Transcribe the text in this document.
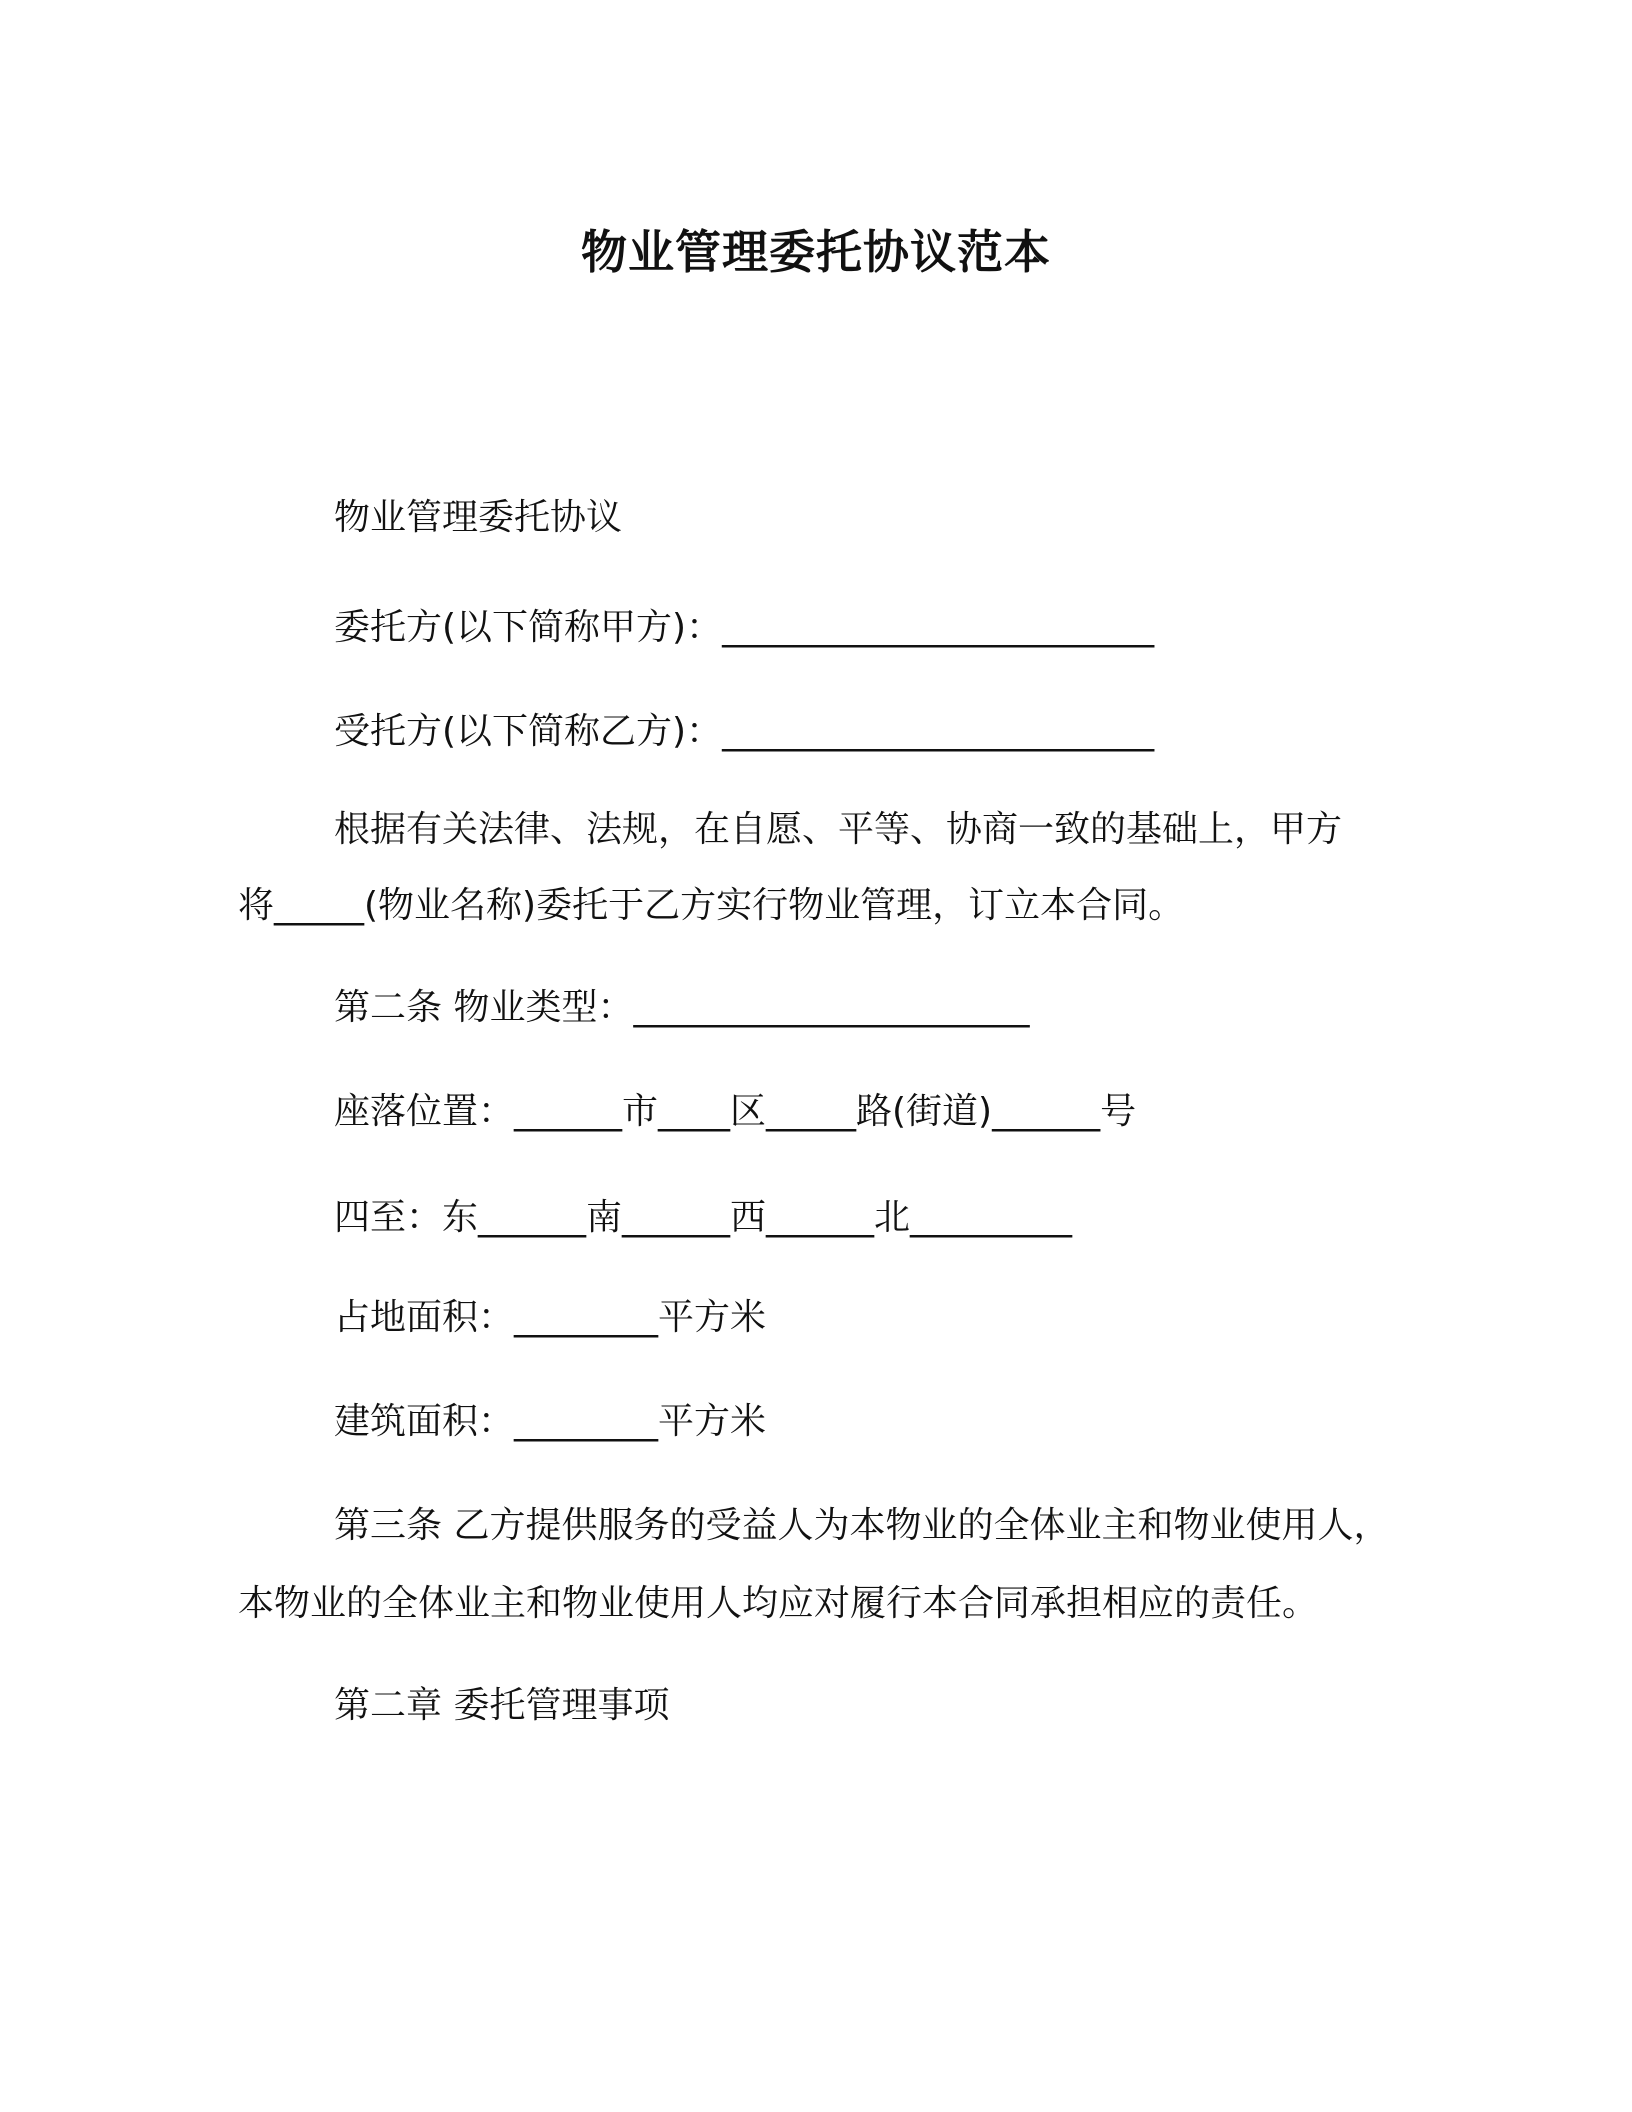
物业管理委托协议范本
物业管理委托协议
委托方(以下简称甲方)：________________________
受托方(以下简称乙方)：________________________
根据有关法律、法规，在自愿、平等、协商一致的基础上，甲方
将_____(物业名称)委托于乙方实行物业管理，订立本合同。
第二条 物业类型：______________________
座落位置：______市____区_____路(街道)______号
四至：东______南______西______北_________
占地面积：________平方米
建筑面积：________平方米
第三条 乙方提供服务的受益人为本物业的全体业主和物业使用人，
本物业的全体业主和物业使用人均应对履行本合同承担相应的责任。
第二章 委托管理事项
